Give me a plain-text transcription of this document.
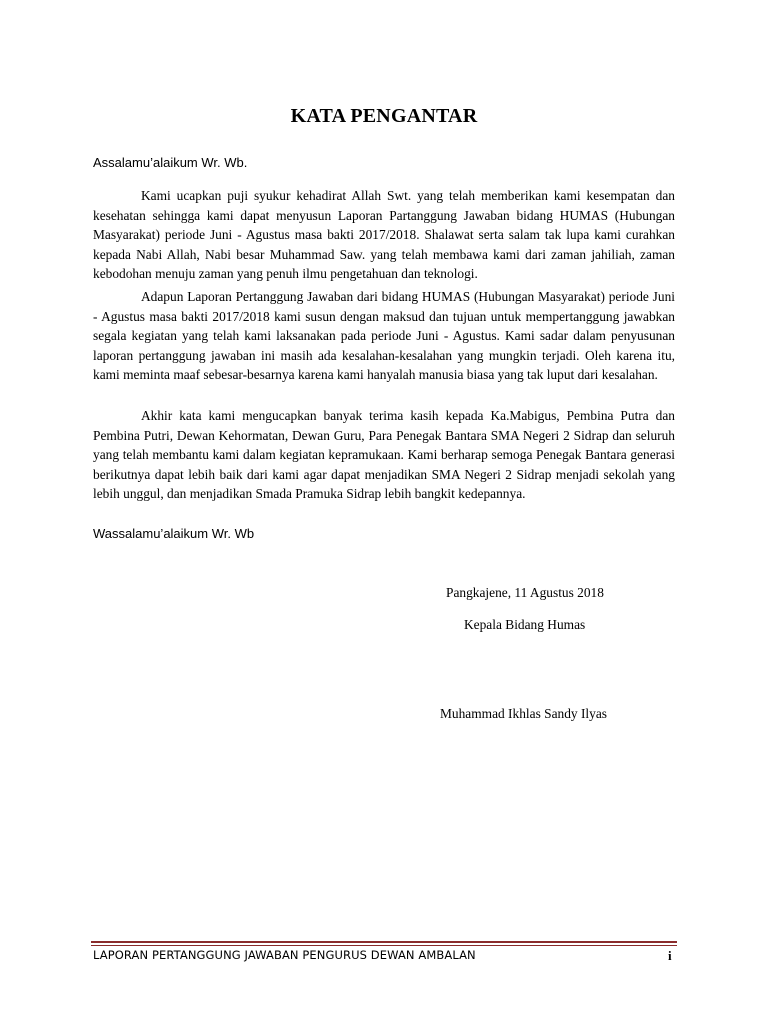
KATA PENGANTAR
Assalamu’alaikum Wr. Wb.

Kami ucapkan puji syukur kehadirat Allah Swt. yang telah memberikan kami kesempatan dan kesehatan sehingga kami dapat menyusun Laporan Partanggung Jawaban bidang HUMAS (Hubungan Masyarakat) periode Juni - Agustus masa bakti 2017/2018. Shalawat serta salam tak lupa kami curahkan kepada Nabi Allah, Nabi besar Muhammad Saw. yang telah membawa kami dari zaman jahiliah, zaman kebodohan menuju zaman yang penuh ilmu pengetahuan dan teknologi.

Adapun Laporan Pertanggung Jawaban dari bidang HUMAS (Hubungan Masyarakat) periode Juni - Agustus masa bakti 2017/2018 kami susun dengan maksud dan tujuan untuk mempertanggung jawabkan segala kegiatan yang telah kami laksanakan pada periode Juni - Agustus. Kami sadar dalam penyusunan laporan pertanggung jawaban ini masih ada kesalahan-kesalahan yang mungkin terjadi. Oleh karena itu, kami meminta maaf sebesar-besarnya karena kami hanyalah manusia biasa yang tak luput dari kesalahan.

Akhir kata kami mengucapkan banyak terima kasih kepada Ka.Mabigus, Pembina Putra dan Pembina Putri, Dewan Kehormatan, Dewan Guru, Para Penegak Bantara SMA Negeri 2 Sidrap dan seluruh yang telah membantu kami dalam kegiatan kepramukaan. Kami berharap semoga Penegak Bantara generasi berikutnya dapat lebih baik dari kami agar dapat menjadikan SMA Negeri 2 Sidrap menjadi sekolah yang lebih unggul, dan menjadikan Smada Pramuka Sidrap lebih bangkit kedepannya.

Wassalamu’alaikum Wr. Wb
Pangkajene, 11 Agustus 2018
Kepala Bidang Humas
Muhammad Ikhlas Sandy Ilyas
LAPORAN PERTANGGUNG JAWABAN PENGURUS DEWAN AMBALAN	i
